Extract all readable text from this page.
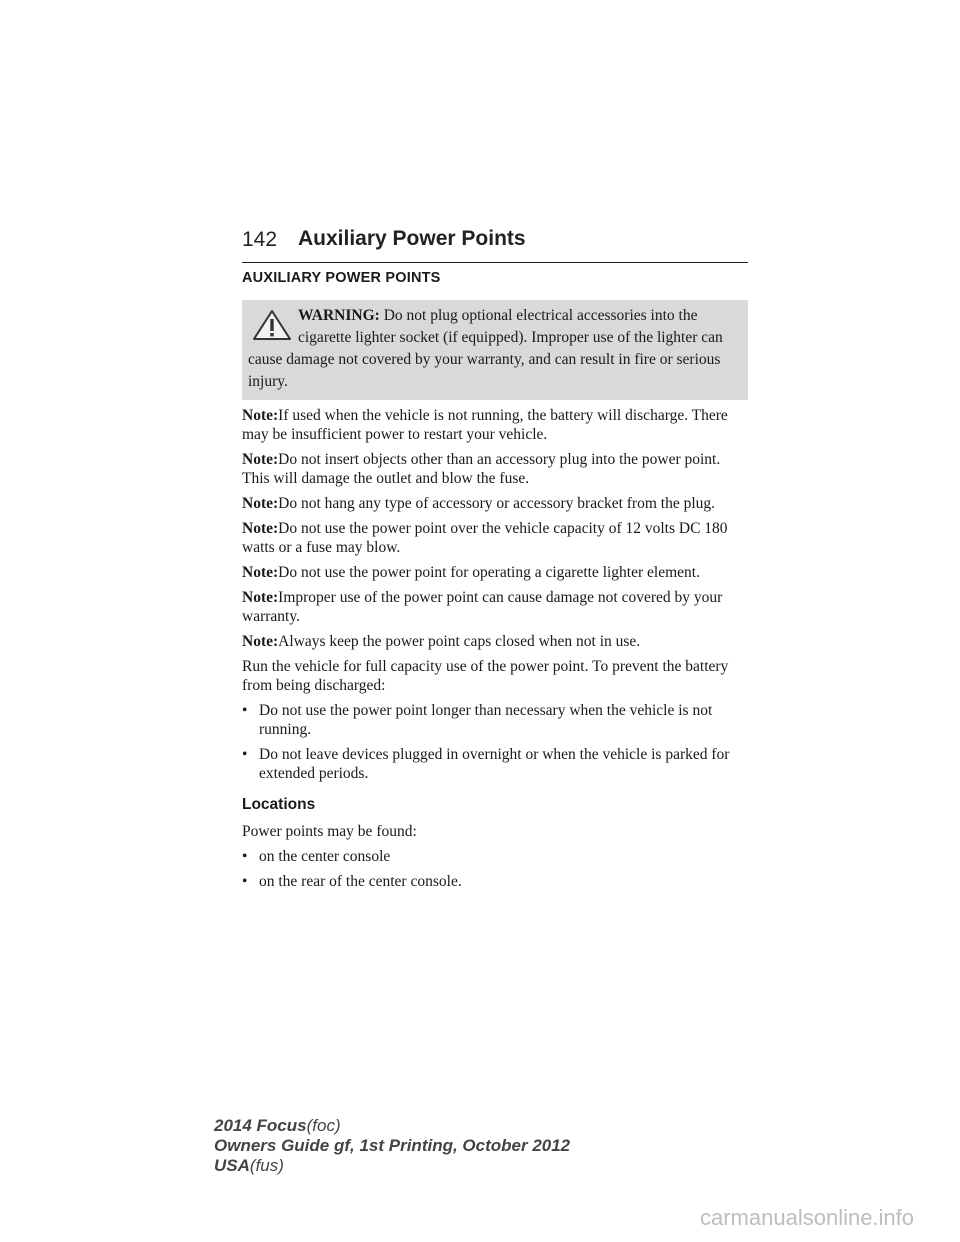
142 Auxiliary Power Points
AUXILIARY POWER POINTS
WARNING: Do not plug optional electrical accessories into the cigarette lighter socket (if equipped). Improper use of the lighter can cause damage not covered by your warranty, and can result in fire or serious injury.
Note:If used when the vehicle is not running, the battery will discharge. There may be insufficient power to restart your vehicle.
Note:Do not insert objects other than an accessory plug into the power point. This will damage the outlet and blow the fuse.
Note:Do not hang any type of accessory or accessory bracket from the plug.
Note:Do not use the power point over the vehicle capacity of 12 volts DC 180 watts or a fuse may blow.
Note:Do not use the power point for operating a cigarette lighter element.
Note:Improper use of the power point can cause damage not covered by your warranty.
Note:Always keep the power point caps closed when not in use.
Run the vehicle for full capacity use of the power point. To prevent the battery from being discharged:
• Do not use the power point longer than necessary when the vehicle is not running.
• Do not leave devices plugged in overnight or when the vehicle is parked for extended periods.
Locations
Power points may be found:
• on the center console
• on the rear of the center console.
2014 Focus(foc)
Owners Guide gf, 1st Printing, October 2012
USA(fus)
carmanualsonline.info
